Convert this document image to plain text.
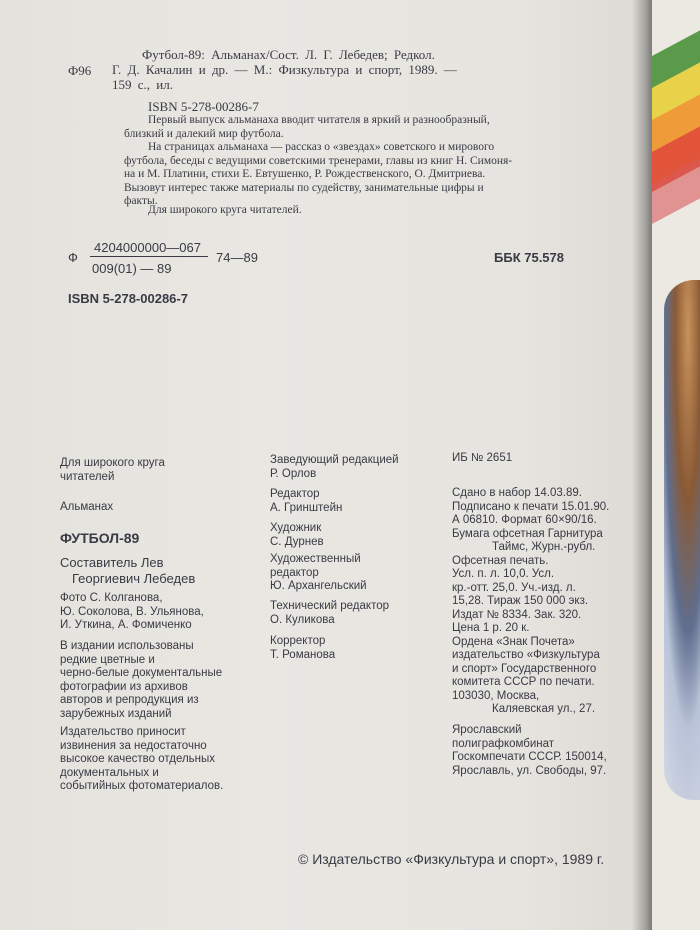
Ф96
Футбол-89: Альманах/Сост. Л. Г. Лебедев; Редкол.
Г. Д. Качалин и др. — М.: Физкультура и спорт, 1989. —
159 с., ил.
ISBN 5-278-00286-7
Первый выпуск альманаха вводит читателя в яркий и разнообразный,
близкий и далекий мир футбола.
На страницах альманаха — рассказ о «звездах» советского и мирового
футбола, беседы с ведущими советскими тренерами, главы из книг Н. Симоня-
на и М. Платини, стихи Е. Евтушенко, Р. Рождественского, О. Дмитриева.
Вызовут интерес также материалы по судейству, занимательные цифры и
факты.
Для широкого круга читателей.
Ф
4204000000—067
009(01) — 89
74—89	ББК 75.578
ISBN 5-278-00286-7
Для широкого круга
читателей
Альманах
ФУТБОЛ-89
Составитель Лев
Георгиевич Лебедев
Фото С. Колганова,
Ю. Соколова, В. Ульянова,
И. Уткина, А. Фомиченко
В издании использованы
редкие цветные и
черно-белые документальные
фотографии из архивов
авторов и репродукция из
зарубежных изданий
Издательство приносит
извинения за недостаточно
высокое качество отдельных
документальных и
событийных фотоматериалов.
Заведующий редакцией
Р. Орлов
Редактор
А. Гринштейн
Художник
С. Дурнев
Художественный
редактор
Ю. Архангельский
Технический редактор
О. Куликова
Корректор
Т. Романова
ИБ № 2651
Сдано в набор 14.03.89.
Подписано к печати 15.01.90.
А 06810. Формат 60×90/16.
Бумага офсетная Гарнитура
Таймс, Журн.-рубл.
Офсетная печать.
Усл. п. л. 10,0. Усл.
кр.-отт. 25,0. Уч.-изд. л.
15,28. Тираж 150 000 экз.
Издат № 8334. Зак. 320.
Цена 1 р. 20 к.
Ордена «Знак Почета»
издательство «Физкультура
и спорт» Государственного
комитета СССР по печати.
103030, Москва,
Каляевская ул., 27.
Ярославский
полиграфкомбинат
Госкомпечати СССР. 150014,
Ярославль, ул. Свободы, 97.
© Издательство «Физкультура и спорт», 1989 г.
